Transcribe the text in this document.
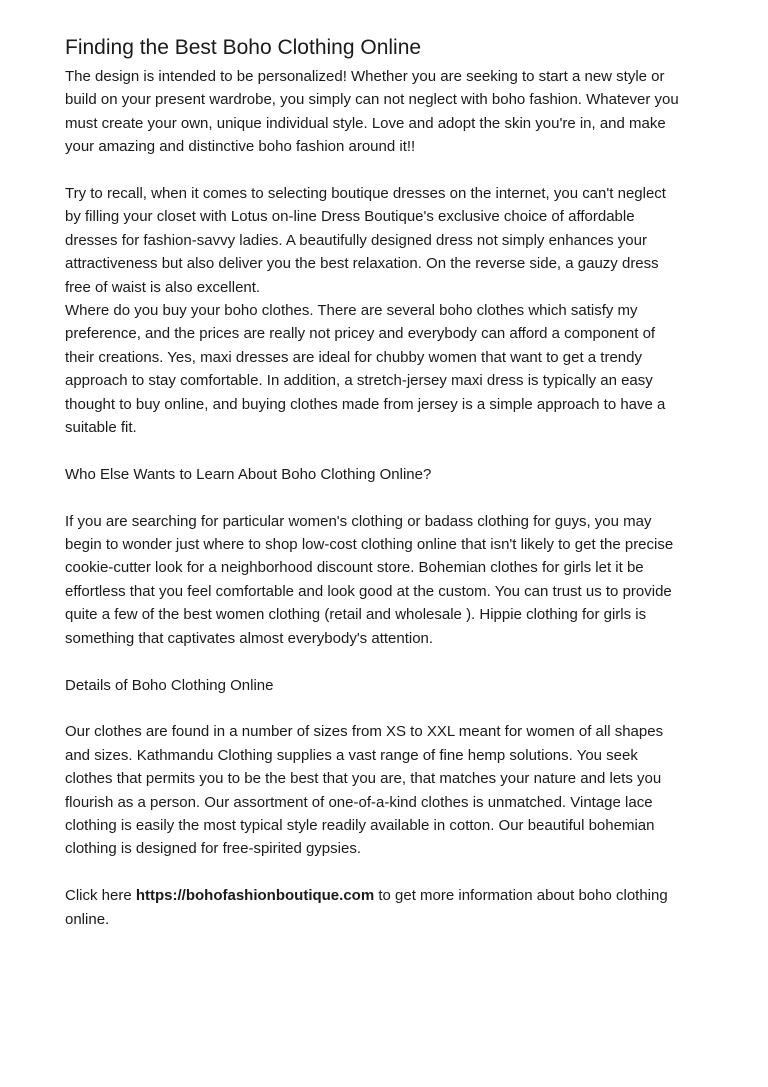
Finding the Best Boho Clothing Online

The design is intended to be personalized! Whether you are seeking to start a new style or
build on your present wardrobe, you simply can not neglect with boho fashion. Whatever you
must create your own, unique individual style. Love and adopt the skin you're in, and make
your amazing and distinctive boho fashion around it!!

Try to recall, when it comes to selecting boutique dresses on the internet, you can't neglect
by filling your closet with Lotus on-line Dress Boutique's exclusive choice of affordable
dresses for fashion-savvy ladies. A beautifully designed dress not simply enhances your
attractiveness but also deliver you the best relaxation. On the reverse side, a gauzy dress
free of waist is also excellent.

Where do you buy your boho clothes. There are several boho clothes which satisfy my
preference, and the prices are really not pricey and everybody can afford a component of
their creations. Yes, maxi dresses are ideal for chubby women that want to get a trendy
approach to stay comfortable. In addition, a stretch-jersey maxi dress is typically an easy
thought to buy online, and buying clothes made from jersey is a simple approach to have a
suitable fit.

Who Else Wants to Learn About Boho Clothing Online?

If you are searching for particular women's clothing or badass clothing for guys, you may
begin to wonder just where to shop low-cost clothing online that isn't likely to get the precise
cookie-cutter look for a neighborhood discount store. Bohemian clothes for girls let it be
effortless that you feel comfortable and look good at the custom. You can trust us to provide
quite a few of the best women clothing (retail and wholesale ). Hippie clothing for girls is
something that captivates almost everybody's attention.

Details of Boho Clothing Online

Our clothes are found in a number of sizes from XS to XXL meant for women of all shapes
and sizes. Kathmandu Clothing supplies a vast range of fine hemp solutions. You seek
clothes that permits you to be the best that you are, that matches your nature and lets you
flourish as a person. Our assortment of one-of-a-kind clothes is unmatched. Vintage lace
clothing is easily the most typical style readily available in cotton. Our beautiful bohemian
clothing is designed for free-spirited gypsies.

Click here https://bohofashionboutique.com to get more information about boho clothing
online.
